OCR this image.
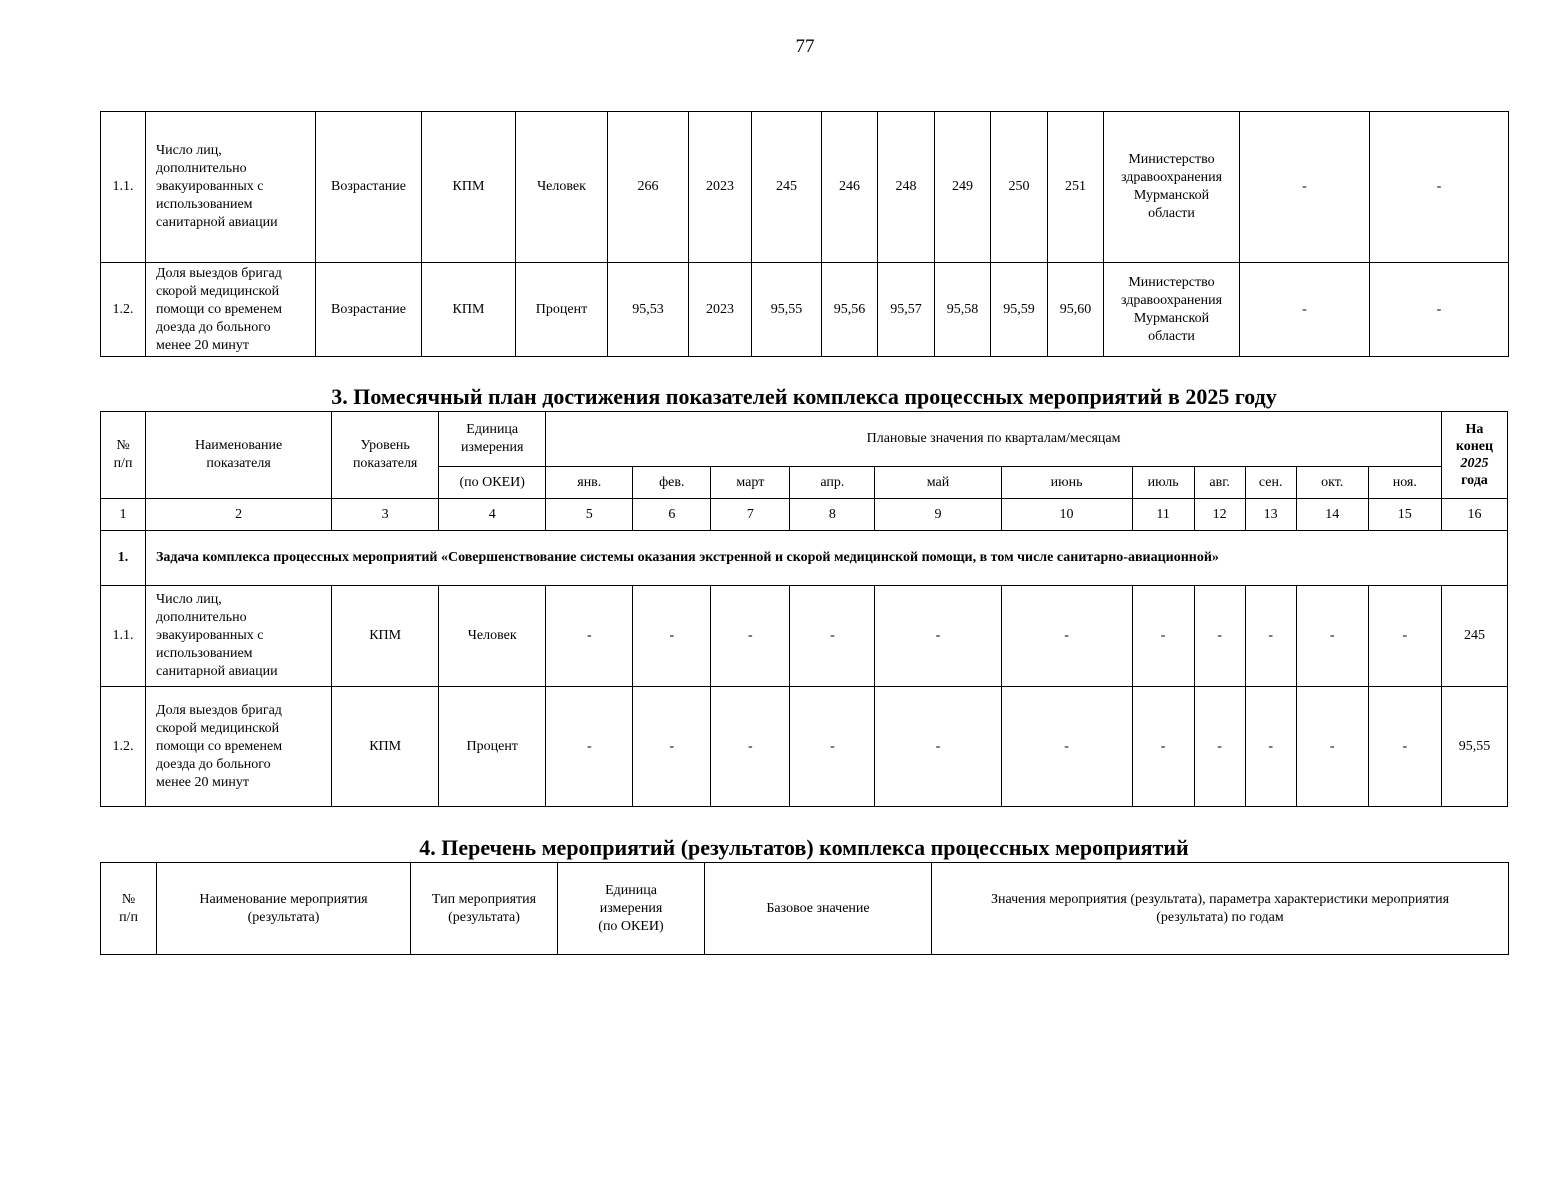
77
1.1.	Число лиц,
дополнительно
эвакуированных с
использованием
санитарной авиации	Возрастание	КПМ	Человек	266	2023	245	246	248	249	250	251	Министерство
здравоохранения
Мурманской
области	-	-
1.2.	Доля выездов бригад
скорой медицинской
помощи со временем
доезда до больного
менее 20 минут	Возрастание	КПМ	Процент	95,53	2023	95,55	95,56	95,57	95,58	95,59	95,60	Министерство
здравоохранения
Мурманской
области	-	-
3. Помесячный план достижения показателей комплекса процессных мероприятий в 2025 году
№
п/п	Наименование
показателя	Уровень
показателя	Единица
измерения	Плановые значения по кварталам/месяцам											На
конец
2025
года
			(по ОКЕИ)	янв.	фев.	март	апр.	май	июнь	июль	авг.	сен.	окт.	ноя.	
1	2	3	4	5	6	7	8	9	10	11	12	13	14	15	16
1.	Задача комплекса процессных мероприятий «Совершенствование системы оказания экстренной и скорой медицинской помощи, в том числе санитарно-авиационной»														
1.1.	Число лиц,
дополнительно
эвакуированных с
использованием
санитарной авиации	КПМ	Человек	-	-	-	-	-	-	-	-	-	-	-	245
1.2.	Доля выездов бригад
скорой медицинской
помощи со временем
доезда до больного
менее 20 минут	КПМ	Процент	-	-	-	-	-	-	-	-	-	-	-	95,55
4. Перечень мероприятий (результатов) комплекса процессных мероприятий
№
п/п	Наименование мероприятия
(результата)	Тип мероприятия
(результата)	Единица
измерения
(по ОКЕИ)	Базовое значение	Значения мероприятия (результата), параметра характеристики мероприятия
(результата) по годам
